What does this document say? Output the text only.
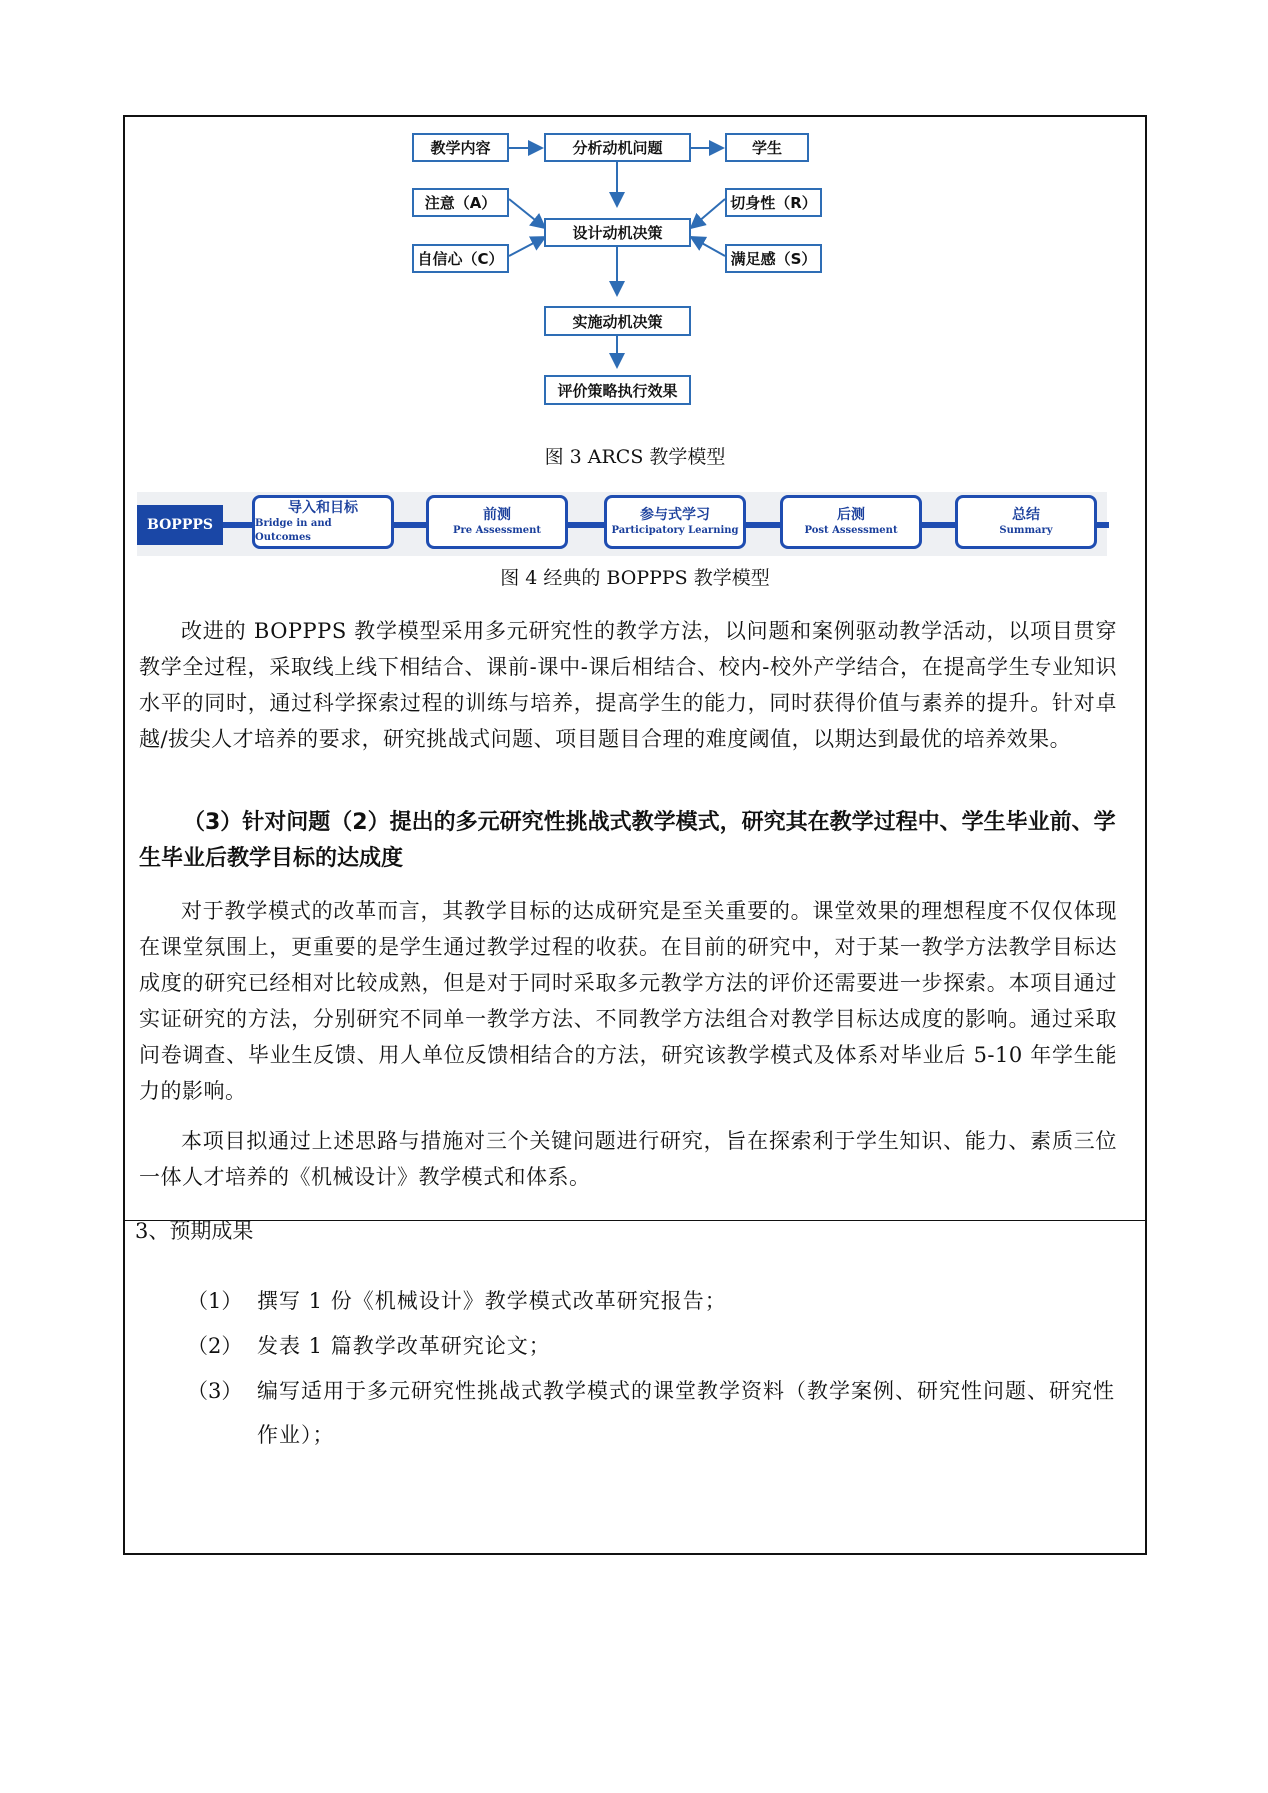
教学内容	分析动机问题	学生
注意（A）
自信心（C）
设计动机决策
切身性（R）
满足感（S）
实施动机决策
评价策略执行效果
图 3 ARCS 教学模型
BOPPPS
导入和目标
Bridge in and Outcomes
前测
Pre Assessment
参与式学习
Participatory Learning
后测
Post Assessment
总结
Summary
图 4 经典的 BOPPPS 教学模型
改进的 BOPPPS 教学模型采用多元研究性的教学方法，以问题和案例驱动教学活动，以项目贯穿教学全过程，采取线上线下相结合、课前-课中-课后相结合、校内-校外产学结合，在提高学生专业知识水平的同时，通过科学探索过程的训练与培养，提高学生的能力，同时获得价值与素养的提升。针对卓越/拔尖人才培养的要求，研究挑战式问题、项目题目合理的难度阈值，以期达到最优的培养效果。
（3）针对问题（2）提出的多元研究性挑战式教学模式，研究其在教学过程中、学生毕业前、学生毕业后教学目标的达成度
对于教学模式的改革而言，其教学目标的达成研究是至关重要的。课堂效果的理想程度不仅仅体现在课堂氛围上，更重要的是学生通过教学过程的收获。在目前的研究中，对于某一教学方法教学目标达成度的研究已经相对比较成熟，但是对于同时采取多元教学方法的评价还需要进一步探索。本项目通过实证研究的方法，分别研究不同单一教学方法、不同教学方法组合对教学目标达成度的影响。通过采取问卷调查、毕业生反馈、用人单位反馈相结合的方法，研究该教学模式及体系对毕业后 5-10 年学生能力的影响。
本项目拟通过上述思路与措施对三个关键问题进行研究，旨在探索利于学生知识、能力、素质三位一体人才培养的《机械设计》教学模式和体系。
3、预期成果
（1） 撰写 1 份《机械设计》教学模式改革研究报告；
（2） 发表 1 篇教学改革研究论文；
（3） 编写适用于多元研究性挑战式教学模式的课堂教学资料（教学案例、研究性问题、研究性作业）；
